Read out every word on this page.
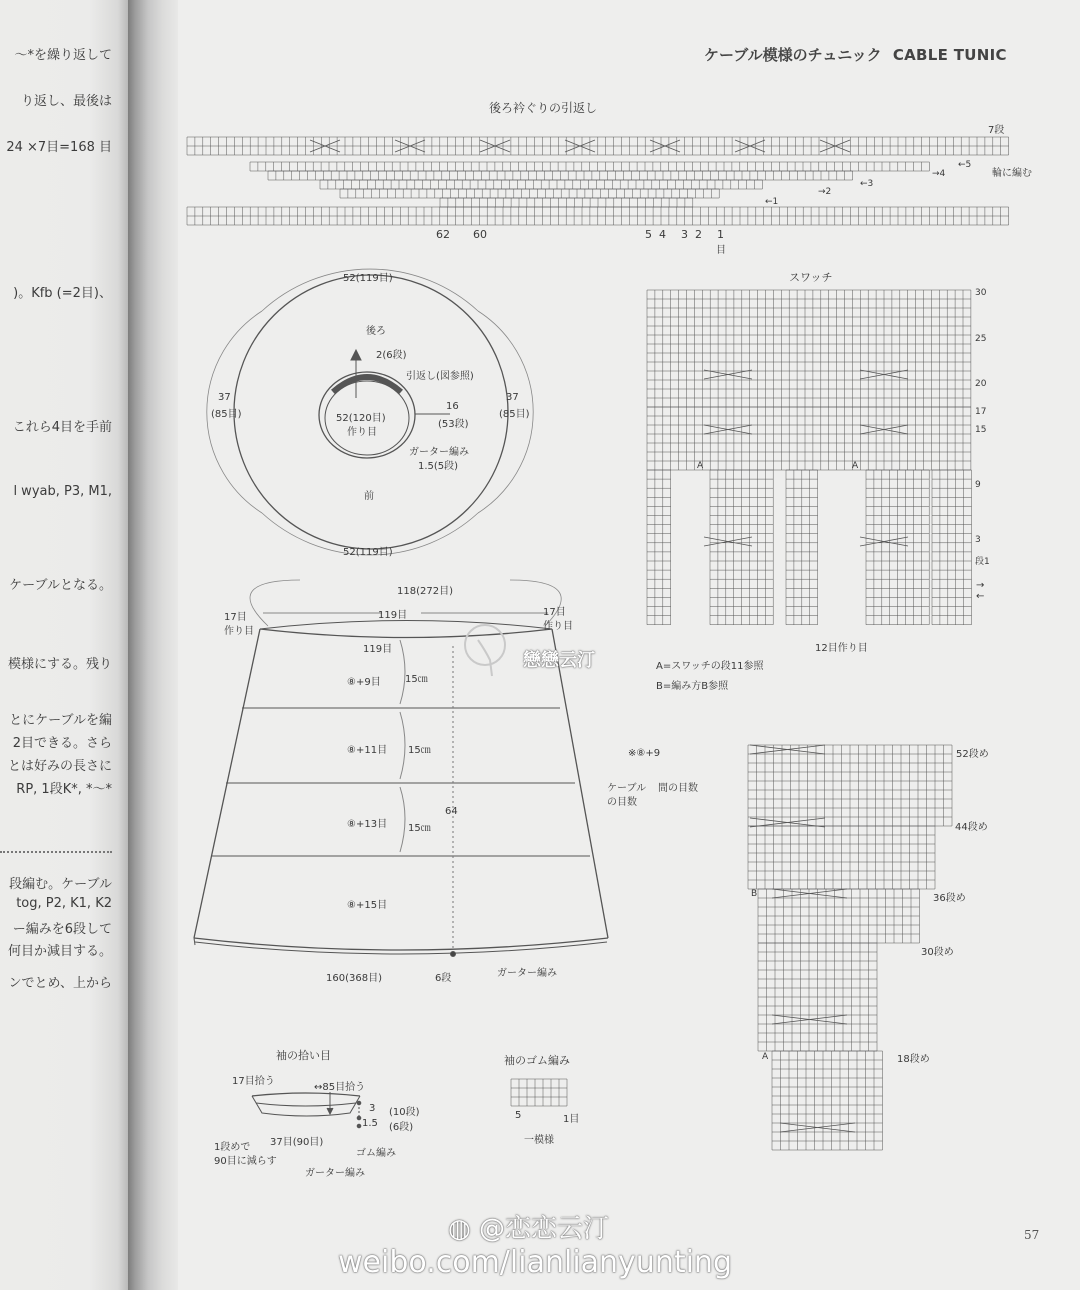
〜*を繰り返して
り返し、最後は
24 ×7目=168 目
)。Kfb (=2目)、
これら4目を手前
l wyab, P3, M1,
ケーブルとなる。
模様にする。残り
とにケーブルを編
2目できる。さら
とは好みの長さに
RP, 1段K*, *〜*
段編む。ケーブル
tog, P2, K1, K2
ー編みを6段して
何目か減目する。
ンでとめ、上から
ケーブル模様のチュニック CABLE TUNIC
後ろ衿ぐりの引返し
7段
輪に編む
←5
→4
←3
→2
←1
62 60	5 4 3 2 1
目
52(119目)
52(119目)
37
(85目)
37
(85目)
後ろ
前
2(6段)
引返し(図参照)
52(120目)
作り目
16
(53段)
ガーター編み
1.5(5段)
スワッチ
30
25
20
17
15
9
3
段1
→
←
A	A
12目作り目
A=スワッチの段11参照
B=編み方B参照
118(272目)
119目
119目
17目
作り目
17目
作り目
⑧+9目
⑧+11目
⑧+13目
⑧+15目
15㎝
15㎝
15㎝
64
160(368目)	6段	ガーター編み
※⑧+9
ケーブル
の目数
間の目数
52段め
44段め
36段め
30段め
18段め
B
A
袖の拾い目
17目拾う
↔85目拾う
3 (10段)
1.5 (6段)
37目(90目)
1段めで
90目に減らす
ゴム編み
ガーター編み
袖のゴム編み
5	1目
一模様
57
戀戀云汀
◍ @恋恋云汀
weibo.com/lianlianyunting
